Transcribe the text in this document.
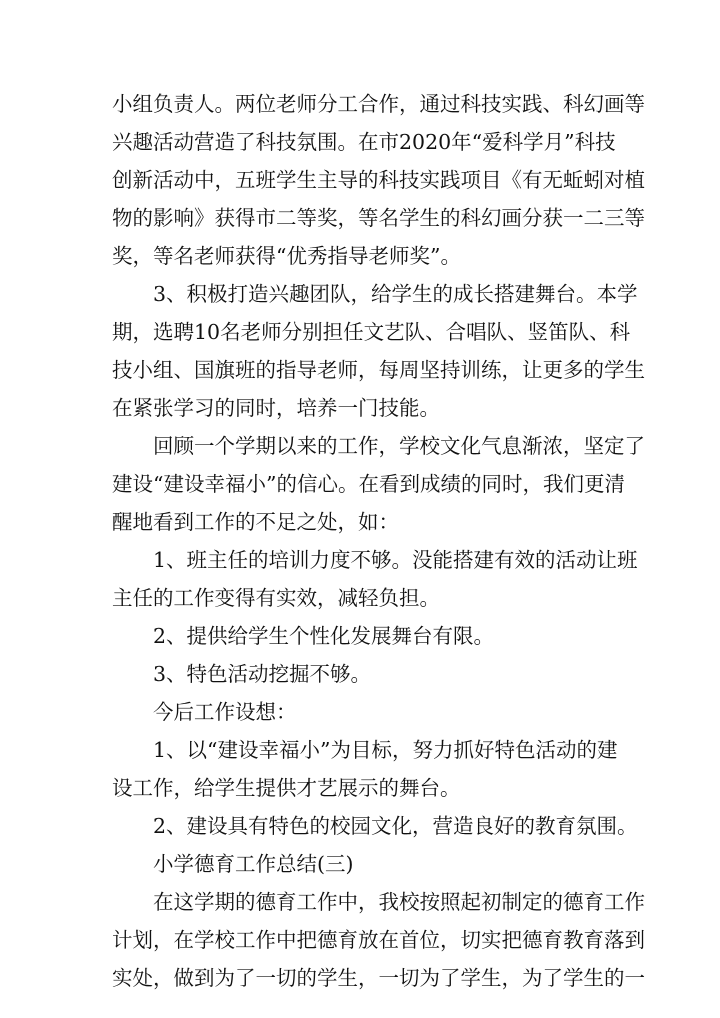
小组负责人。两位老师分工合作，通过科技实践、科幻画等
兴趣活动营造了科技氛围。在市2020年“爱科学月”科技
创新活动中，五班学生主导的科技实践项目《有无蚯蚓对植
物的影响》获得市二等奖，等名学生的科幻画分获一二三等
奖，等名老师获得“优秀指导老师奖”。
3、积极打造兴趣团队，给学生的成长搭建舞台。本学
期，选聘10名老师分别担任文艺队、合唱队、竖笛队、科
技小组、国旗班的指导老师，每周坚持训练，让更多的学生
在紧张学习的同时，培养一门技能。
回顾一个学期以来的工作，学校文化气息渐浓，坚定了
建设“建设幸福小”的信心。在看到成绩的同时，我们更清
醒地看到工作的不足之处，如：
1、班主任的培训力度不够。没能搭建有效的活动让班
主任的工作变得有实效，减轻负担。
2、提供给学生个性化发展舞台有限。
3、特色活动挖掘不够。
今后工作设想：
1、以“建设幸福小”为目标，努力抓好特色活动的建
设工作，给学生提供才艺展示的舞台。
2、建设具有特色的校园文化，营造良好的教育氛围。
小学德育工作总结(三)
在这学期的德育工作中，我校按照起初制定的德育工作
计划，在学校工作中把德育放在首位，切实把德育教育落到
实处，做到为了一切的学生，一切为了学生，为了学生的一
